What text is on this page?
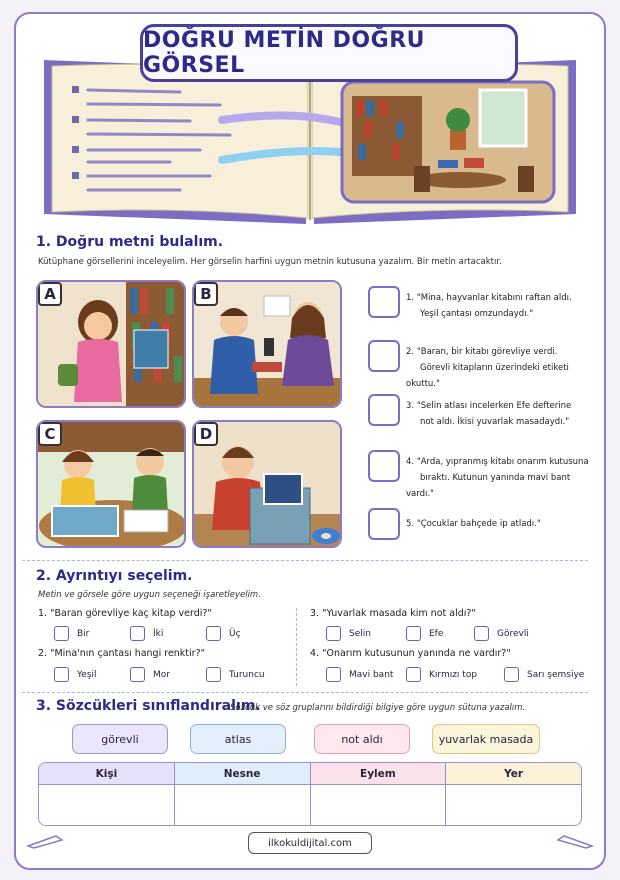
DOĞRU METİN DOĞRU GÖRSEL
1. Doğru metni bulalım.
Kütüphane görsellerini inceleyelim. Her görselin harfini uygun metnin kutusuna yazalım. Bir metin artacaktır.
A	B
C	D
1. "Mina, hayvanlar kitabını raftan aldı.
Yeşil çantası omzundaydı."
2. "Baran, bir kitabı görevliye verdi.
Görevli kitapların üzerindeki etiketi okuttu."
3. "Selin atlası incelerken Efe defterine
not aldı. İkisi yuvarlak masadaydı."
4. "Arda, yıpranmış kitabı onarım kutusuna
bıraktı. Kutunun yanında mavi bant vardı."
5. "Çocuklar bahçede ip atladı."
2. Ayrıntıyı seçelim.
Metin ve görsele göre uygun seçeneği işaretleyelim.
1. "Baran görevliye kaç kitap verdi?"
Bir	İki	Üç
2. "Mina'nın çantası hangi renktir?"
Yeşil	Mor	Turuncu
3. "Yuvarlak masada kim not aldı?"
Selin	Efe	Görevli
4. "Onarım kutusunun yanında ne vardır?"
Mavi bant	Kırmızı top	Sarı şemsiye
3. Sözcükleri sınıflandıralım.
Sözcük ve söz gruplarını bildirdiği bilgiye göre uygun sütuna yazalım.
görevli	atlas	not aldı	yuvarlak masada
Kişi	Nesne	Eylem	Yer
ilkokuldijital.com
